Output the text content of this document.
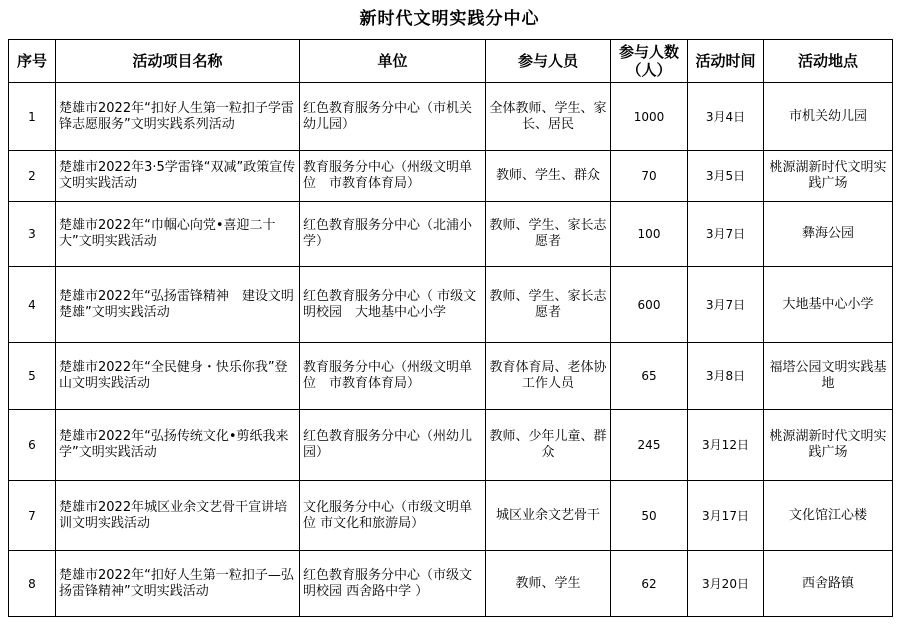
新时代文明实践分中心
序号	活动项目名称	单位	参与人员	参与人数（人）	活动时间	活动地点
1	楚雄市2022年“扣好人生第一粒扣子学雷锋志愿服务”文明实践系列活动	红色教育服务分中心（市机关幼儿园）	全体教师、学生、家长、居民	1000	3月4日	市机关幼儿园
2	楚雄市2022年3·5学雷锋“双减”政策宣传文明实践活动	教育服务分中心（州级文明单位　市教育体育局）	教师、学生、群众	70	3月5日	桃源湖新时代文明实践广场
3	楚雄市2022年“巾帼心向党•喜迎二十大”文明实践活动	红色教育服务分中心（北浦小学）	教师、学生、家长志愿者	100	3月7日	彝海公园
4	楚雄市2022年“弘扬雷锋精神　建设文明楚雄”文明实践活动	红色教育服务分中心（ 市级文明校园　大地基中心小学	教师、学生、家长志愿者	600	3月7日	大地基中心小学
5	楚雄市2022年“全民健身・快乐你我”登山文明实践活动	教育服务分中心（州级文明单位　市教育体育局）	教育体育局、老体协工作人员	65	3月8日	福塔公园文明实践基地
6	楚雄市2022年“弘扬传统文化•剪纸我来学”文明实践活动	红色教育服务分中心（州幼儿园）	教师、少年儿童、群众	245	3月12日	桃源湖新时代文明实践广场
7	楚雄市2022年城区业余文艺骨干宣讲培训文明实践活动	文化服务分中心（市级文明单位 市文化和旅游局）	城区业余文艺骨干	50	3月17日	文化馆江心楼
8	楚雄市2022年“扣好人生第一粒扣子—弘扬雷锋精神”文明实践活动	红色教育服务分中心（市级文明校园 西舍路中学 ）	教师、学生	62	3月20日	西舍路镇
